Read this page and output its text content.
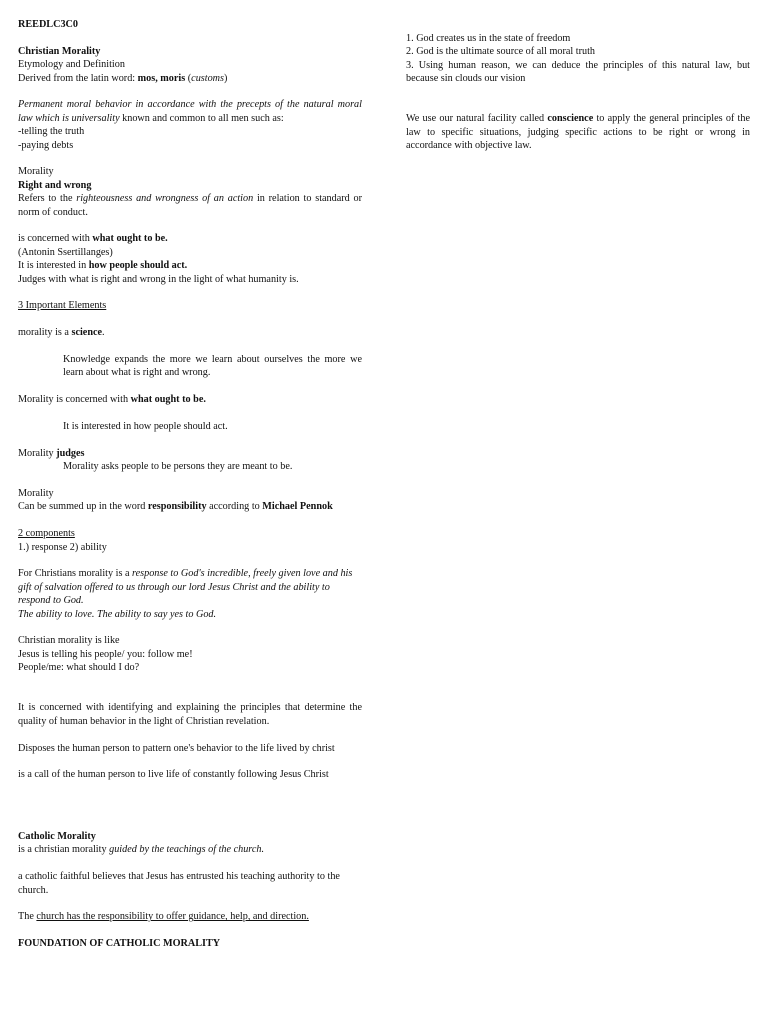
REEDLC3C0

Christian Morality

Etymology and Definition

Derived from the latin word: mos, moris (customs)

Permanent moral behavior in accordance with the precepts of the natural moral law which is universality known and common to all men such as:

-telling the truth

-paying debts

Morality

Right and wrong

Refers to the righteousness and wrongness of an action in relation to standard or norm of conduct.

is concerned with what ought to be.

(Antonin Ssertillanges)

It is interested in how people should act.

Judges with what is right and wrong in the light of what humanity is.

3 Important Elements

morality is a science.

Knowledge expands the more we learn about ourselves the more we learn about what is right and wrong.

Morality is concerned with what ought to be.

It is interested in how people should act.

Morality judges

Morality asks people to be persons they are meant to be.

Morality

Can be summed up in the word responsibility according to Michael Pennok

2 components

1.) response 2) ability

For Christians morality is a response to God's incredible, freely given love and his gift of salvation offered to us through our lord Jesus Christ and the ability to respond to God.

The ability to love. The ability to say yes to God.

Christian morality is like

Jesus is telling his people/ you: follow me!

People/me: what should I do?

It is concerned with identifying and explaining the principles that determine the quality of human behavior in the light of Christian revelation.

Disposes the human person to pattern one's behavior to the life lived by christ

is a call of the human person to live life of constantly following Jesus Christ

Catholic Morality

is a christian morality guided by the teachings of the church.

a catholic faithful believes that Jesus has entrusted his teaching authority to the church.

The church has the responsibility to offer guidance, help, and direction.

FOUNDATION OF CATHOLIC MORALITY

1. God creates us in the state of freedom

2. God is the ultimate source of all moral truth

3. Using human reason, we can deduce the principles of this natural law, but because sin clouds our vision

We use our natural facility called conscience to apply the general principles of the law to specific situations, judging specific actions to be right or wrong in accordance with objective law.
